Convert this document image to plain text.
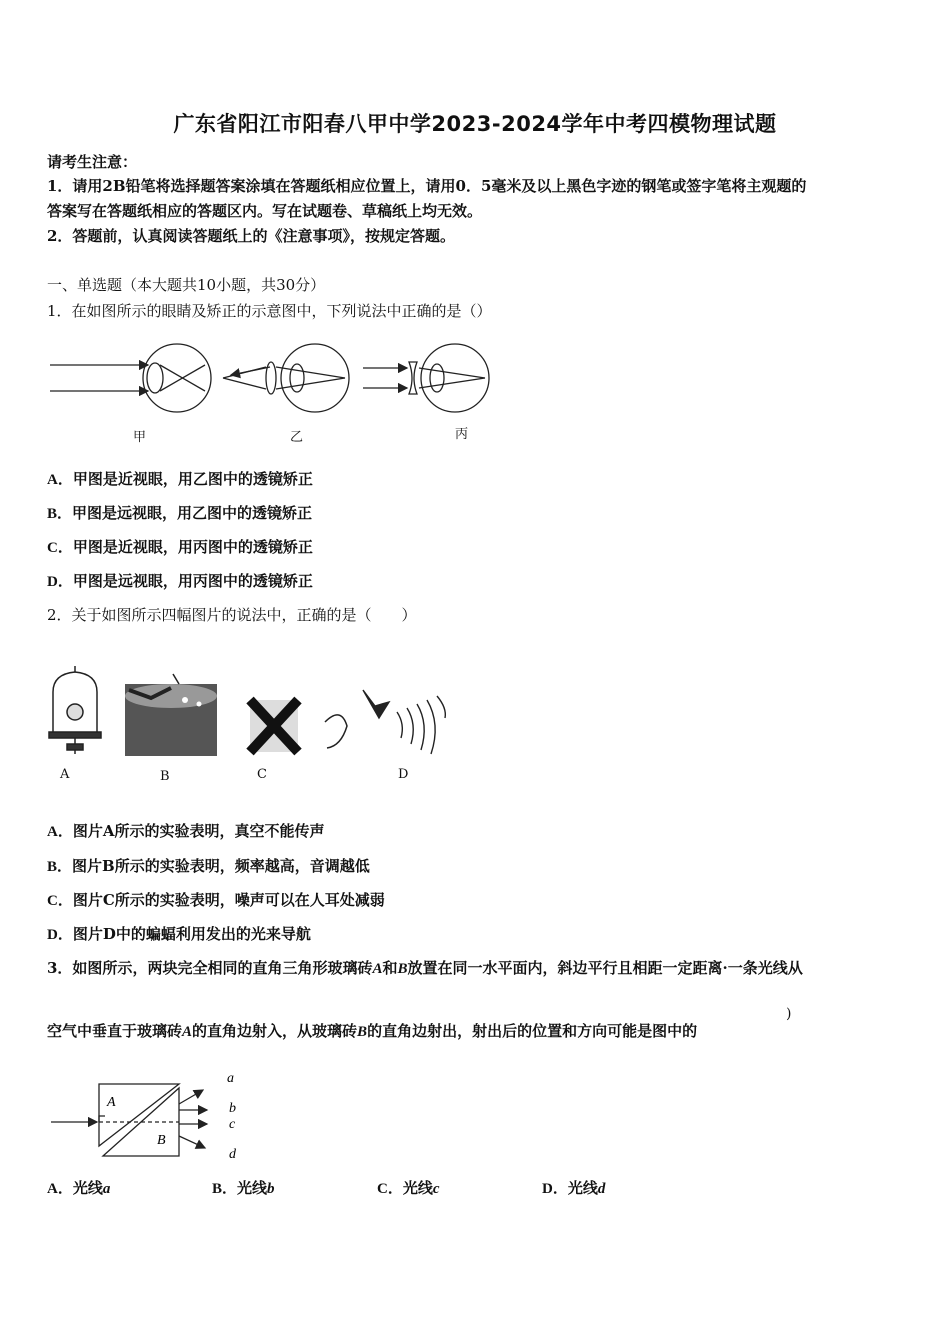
广东省阳江市阳春八甲中学2023-2024学年中考四模物理试题
请考生注意：
1．请用2B铅笔将选择题答案涂填在答题纸相应位置上，请用0．5毫米及以上黑色字迹的钢笔或签字笔将主观题的
答案写在答题纸相应的答题区内。写在试题卷、草稿纸上均无效。
2．答题前，认真阅读答题纸上的《注意事项》，按规定答题。
一、单选题（本大题共10小题，共30分）
1．在如图所示的眼睛及矫正的示意图中，下列说法中正确的是（）
甲	乙	丙
A．甲图是近视眼，用乙图中的透镜矫正
B．甲图是远视眼，用乙图中的透镜矫正
C．甲图是近视眼，用丙图中的透镜矫正
D．甲图是远视眼，用丙图中的透镜矫正
2．关于如图所示四幅图片的说法中，正确的是（　　）
A	B	C	D
A．图片A所示的实验表明，真空不能传声
B．图片B所示的实验表明，频率越高，音调越低
C．图片C所示的实验表明，噪声可以在人耳处减弱
D．图片D中的蝙蝠利用发出的光来导航
3．如图所示，两块完全相同的直角三角形玻璃砖A和B放置在同一水平面内，斜边平行且相距一定距离·一条光线从
空气中垂直于玻璃砖A的直角边射入，从玻璃砖B的直角边射出，射出后的位置和方向可能是图中的
)
A
B
a
b
c
d
A．光线a	B．光线b	C．光线c	D．光线d
